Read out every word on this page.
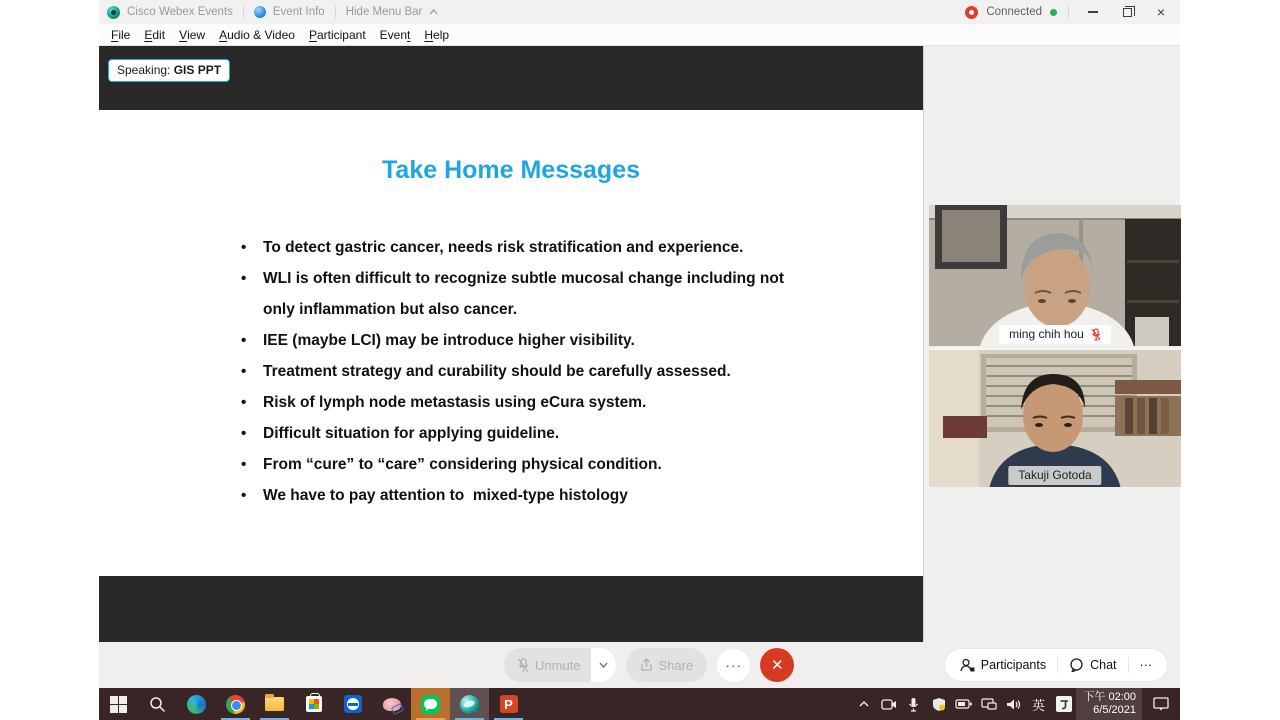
Cisco Webex Events	Event Info Hide Menu Bar	Connected	×
F ile E dit V iew A udio & Video P articipant Even t H elp
Speaking: GIS PPT
Take Home Messages
• To detect gastric cancer, needs risk stratification and experience.
• WLI is often difficult to recognize subtle mucosal change including not only inflammation but also cancer.
• IEE (maybe LCI) may be introduce higher visibility.
• Treatment strategy and curability should be carefully assessed.
• Risk of lymph node metastasis using eCura system.
• Difficult situation for applying guideline.
• From “cure” to “care” considering physical condition.
• We have to pay attention to  mixed-type histology
ming chih hou
Takuji Gotoda
Unmute	Share ··· ✕	Participants	Chat ···
P	英
下午 02:00
6/5/2021
